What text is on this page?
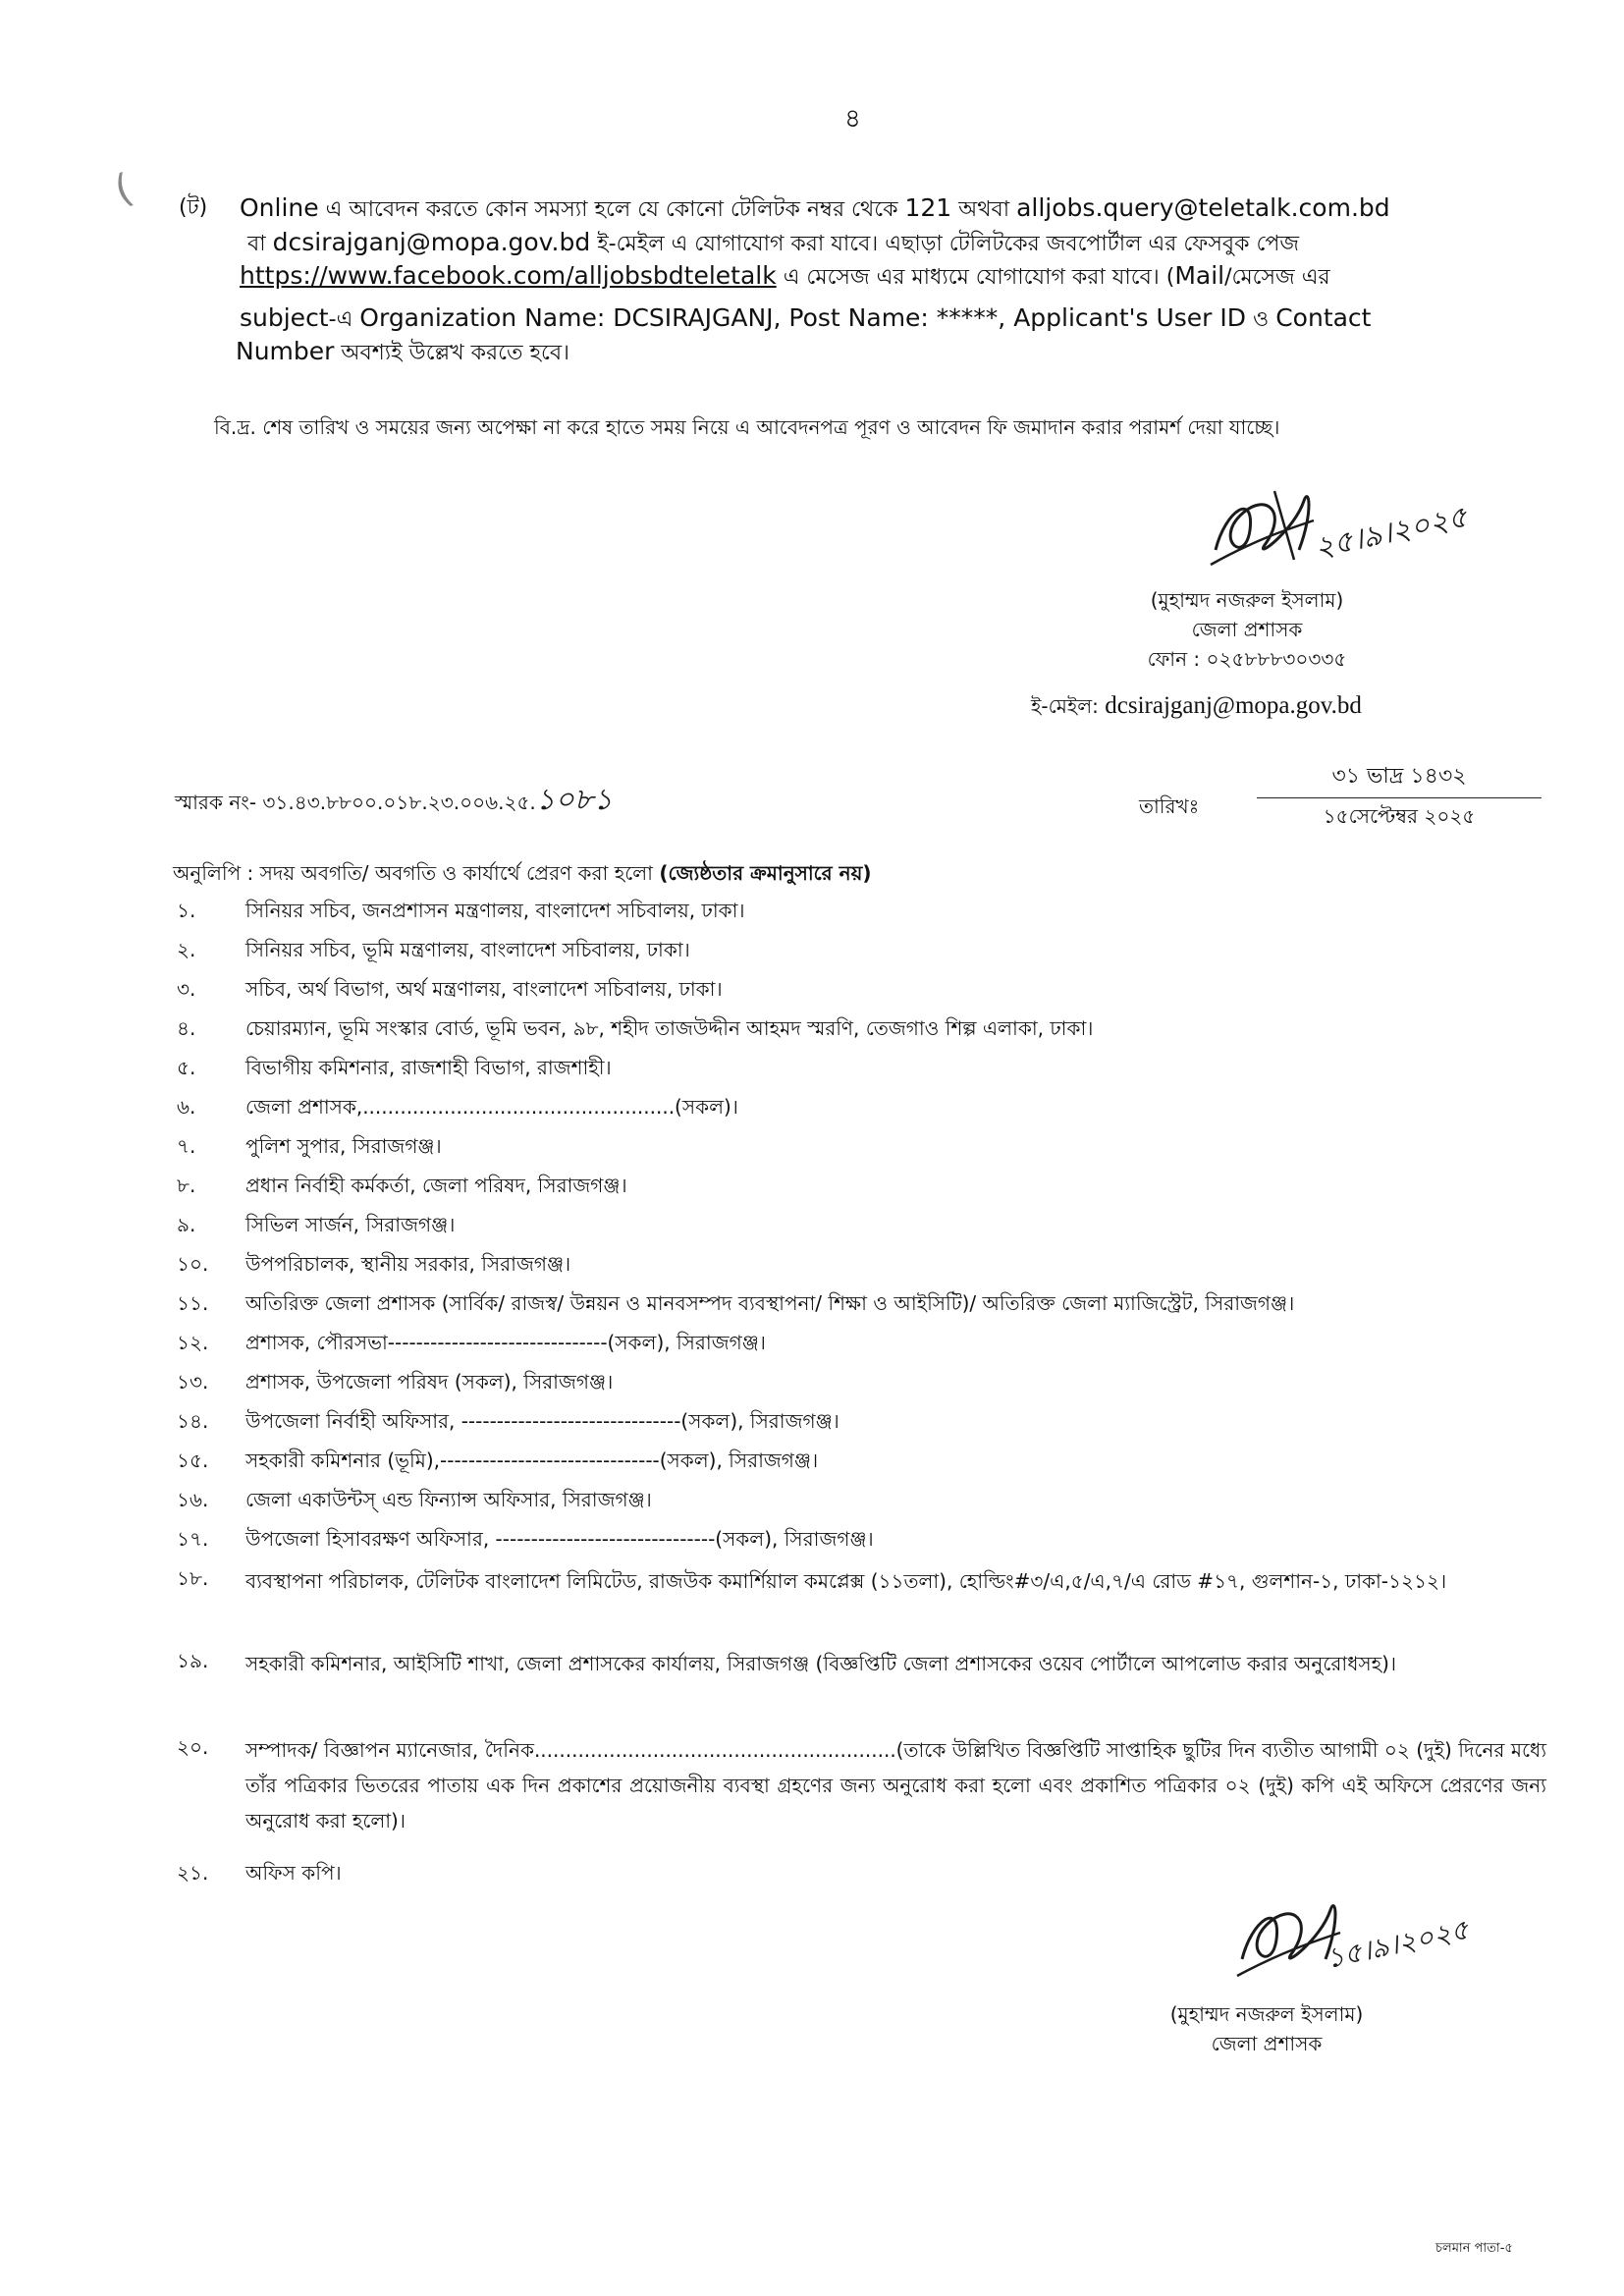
(
৪
(ট) Online এ আবেদন করতে কোন সমস্যা হলে যে কোনো টেলিটক নম্বর থেকে 121 অথবা alljobs.query@teletalk.com.bd
বা dcsirajganj@mopa.gov.bd ই-মেইল এ যোগাযোগ করা যাবে। এছাড়া টেলিটকের জবপোর্টাল এর ফেসবুক পেজ
https://www.facebook.com/alljobsbdteletalk এ মেসেজ এর মাধ্যমে যোগাযোগ করা যাবে। (Mail/মেসেজ এর
subject-এ Organization Name: DCSIRAJGANJ, Post Name: *****, Applicant's User ID ও Contact
Number অবশ্যই উল্লেখ করতে হবে।
বি.দ্র. শেষ তারিখ ও সময়ের জন্য অপেক্ষা না করে হাতে সময় নিয়ে এ আবেদনপত্র পূরণ ও আবেদন ফি জমাদান করার পরামর্শ দেয়া যাচ্ছে।
২৫।৯।২০২৫
(মুহাম্মদ নজরুল ইসলাম)
জেলা প্রশাসক
ফোন : ০২৫৮৮৮৩০৩৩৫
ই-মেইল: dcsirajganj@mopa.gov.bd
স্মারক নং- ৩১.৪৩.৮৮০০.০১৮.২৩.০০৬.২৫.১০৮১	তারিখঃ
৩১ ভাদ্র ১৪৩২
১৫সেপ্টেম্বর ২০২৫
অনুলিপি : সদয় অবগতি/ অবগতি ও কার্যার্থে প্রেরণ করা হলো (জ্যেষ্ঠতার ক্রমানুসারে নয়)
১.	সিনিয়র সচিব, জনপ্রশাসন মন্ত্রণালয়, বাংলাদেশ সচিবালয়, ঢাকা।
২.	সিনিয়র সচিব, ভূমি মন্ত্রণালয়, বাংলাদেশ সচিবালয়, ঢাকা।
৩.	সচিব, অর্থ বিভাগ, অর্থ মন্ত্রণালয়, বাংলাদেশ সচিবালয়, ঢাকা।
৪.	চেয়ারম্যান, ভূমি সংস্কার বোর্ড, ভূমি ভবন, ৯৮, শহীদ তাজউদ্দীন আহমদ স্মরণি, তেজগাও শিল্প এলাকা, ঢাকা।
৫.	বিভাগীয় কমিশনার, রাজশাহী বিভাগ, রাজশাহী।
৬.	জেলা প্রশাসক,..................................................(সকল)।
৭.	পুলিশ সুপার, সিরাজগঞ্জ।
৮.	প্রধান নির্বাহী কর্মকর্তা, জেলা পরিষদ, সিরাজগঞ্জ।
৯.	সিভিল সার্জন, সিরাজগঞ্জ।
১০. উপপরিচালক, স্থানীয় সরকার, সিরাজগঞ্জ।
১১. অতিরিক্ত জেলা প্রশাসক (সার্বিক/ রাজস্ব/ উন্নয়ন ও মানবসম্পদ ব্যবস্থাপনা/ শিক্ষা ও আইসিটি)/ অতিরিক্ত জেলা ম্যাজিস্ট্রেট, সিরাজগঞ্জ।
১২. প্রশাসক, পৌরসভা-------------------------------(সকল), সিরাজগঞ্জ।
১৩. প্রশাসক, উপজেলা পরিষদ (সকল), সিরাজগঞ্জ।
১৪. উপজেলা নির্বাহী অফিসার, -------------------------------(সকল), সিরাজগঞ্জ।
১৫. সহকারী কমিশনার (ভূমি),-------------------------------(সকল), সিরাজগঞ্জ।
১৬. জেলা একাউন্টস্ এন্ড ফিন্যান্স অফিসার, সিরাজগঞ্জ।
১৭. উপজেলা হিসাবরক্ষণ অফিসার, -------------------------------(সকল), সিরাজগঞ্জ।
১৮. ব্যবস্থাপনা পরিচালক, টেলিটক বাংলাদেশ লিমিটেড, রাজউক কমার্শিয়াল কমপ্লেক্স (১১তলা), হোল্ডিং#৩/এ,৫/এ,৭/এ রোড #১৭, গুলশান-১, ঢাকা-১২১২।
১৯. সহকারী কমিশনার, আইসিটি শাখা, জেলা প্রশাসকের কার্যালয়, সিরাজগঞ্জ (বিজ্ঞপ্তিটি জেলা প্রশাসকের ওয়েব পোর্টালে আপলোড করার অনুরোধসহ)।
২০. সম্পাদক/ বিজ্ঞাপন ম্যানেজার, দৈনিক..........................................................(তাকে উল্লিখিত বিজ্ঞপ্তিটি সাপ্তাহিক ছুটির দিন ব্যতীত আগামী ০২ (দুই) দিনের মধ্যে তাঁর পত্রিকার ভিতরের পাতায় এক দিন প্রকাশের প্রয়োজনীয় ব্যবস্থা গ্রহণের জন্য অনুরোধ করা হলো এবং প্রকাশিত পত্রিকার ০২ (দুই) কপি এই অফিসে প্রেরণের জন্য অনুরোধ করা হলো)।
২১. অফিস কপি।
১৫।৯।২০২৫
(মুহাম্মদ নজরুল ইসলাম)
জেলা প্রশাসক
চলমান পাতা-৫
